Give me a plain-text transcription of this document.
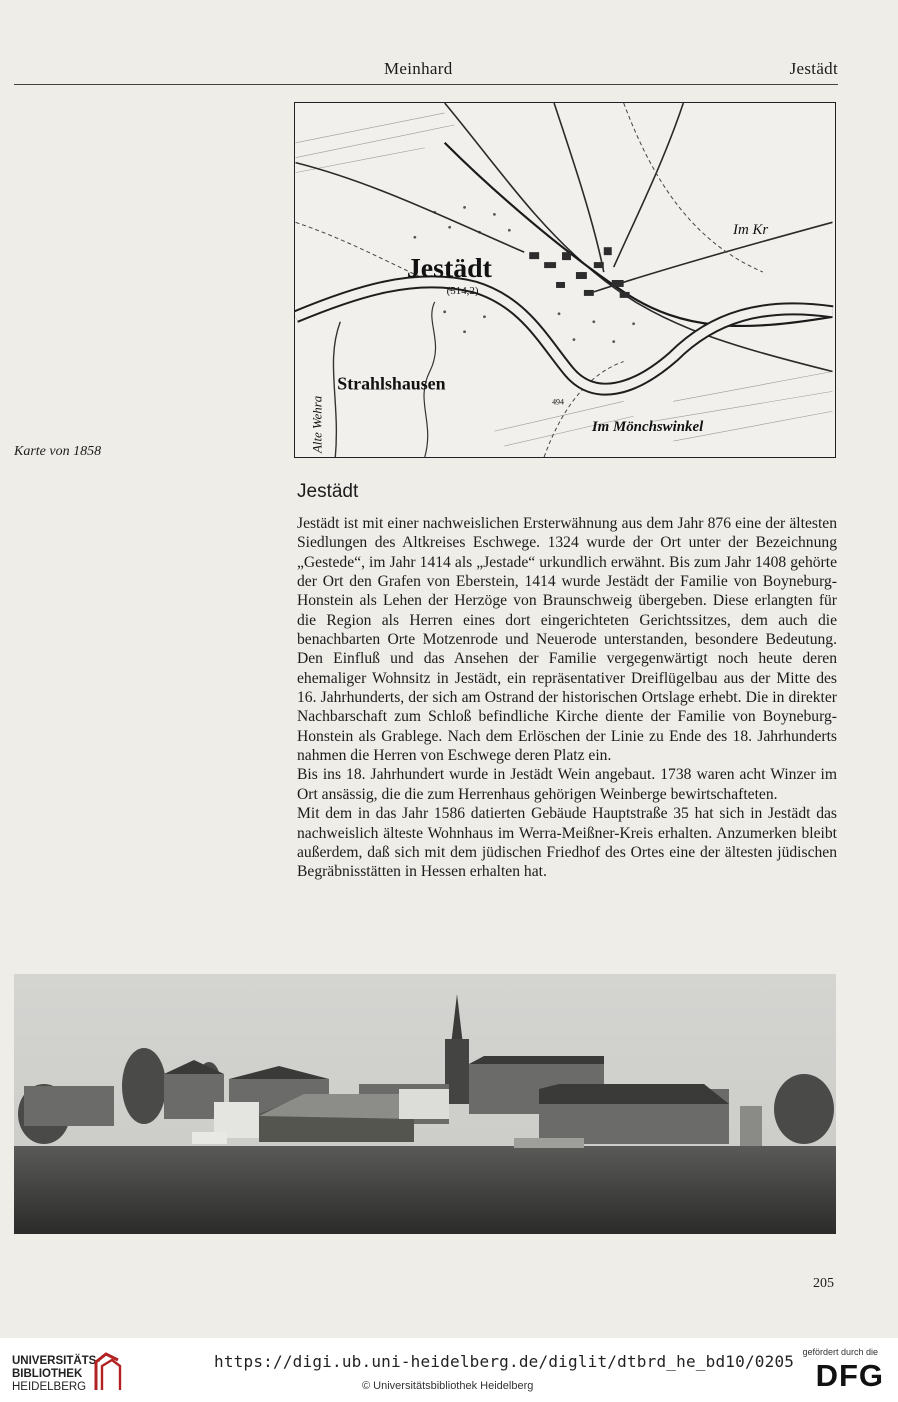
Meinhard	Jestädt
Jestädt
(514,2)
Strahlshausen
Im Mönchswinkel
Alte Wehra
Im Kr
494
Karte von 1858
Jestädt

Jestädt ist mit einer nachweislichen Ersterwähnung aus dem Jahr 876 eine der ältesten Siedlungen des Altkreises Eschwege. 1324 wurde der Ort unter der Bezeichnung „Gestede“, im Jahr 1414 als „Jestade“ urkundlich erwähnt. Bis zum Jahr 1408 gehörte der Ort den Grafen von Eberstein, 1414 wurde Jestädt der Familie von Boyneburg-Honstein als Lehen der Herzöge von Braunschweig übergeben. Diese erlangten für die Region als Herren eines dort eingerichteten Gerichtssitzes, dem auch die benachbarten Orte Motzenrode und Neuerode unterstanden, besondere Bedeutung. Den Einfluß und das Ansehen der Familie vergegenwärtigt noch heute deren ehemaliger Wohnsitz in Jestädt, ein repräsentativer Dreiflügelbau aus der Mitte des 16. Jahrhunderts, der sich am Ostrand der historischen Ortslage erhebt. Die in direkter Nachbarschaft zum Schloß befindliche Kirche diente der Familie von Boyneburg-Honstein als Grablege. Nach dem Erlöschen der Linie zu Ende des 18. Jahrhunderts nahmen die Herren von Eschwege deren Platz ein.

Bis ins 18. Jahrhundert wurde in Jestädt Wein angebaut. 1738 waren acht Winzer im Ort ansässig, die die zum Herrenhaus gehörigen Weinberge bewirtschafteten.

Mit dem in das Jahr 1586 datierten Gebäude Hauptstraße 35 hat sich in Jestädt das nachweislich älteste Wohnhaus im Werra-Meißner-Kreis erhalten. Anzumerken bleibt außerdem, daß sich mit dem jüdischen Friedhof des Ortes eine der ältesten jüdischen Begräbnisstätten in Hessen erhalten hat.

205
UNIVERSITÄTS-
BIBLIOTHEK
HEIDELBERG
https://digi.ub.uni-heidelberg.de/diglit/dtbrd_he_bd10/0205
© Universitätsbibliothek Heidelberg
gefördert durch die
DFG
